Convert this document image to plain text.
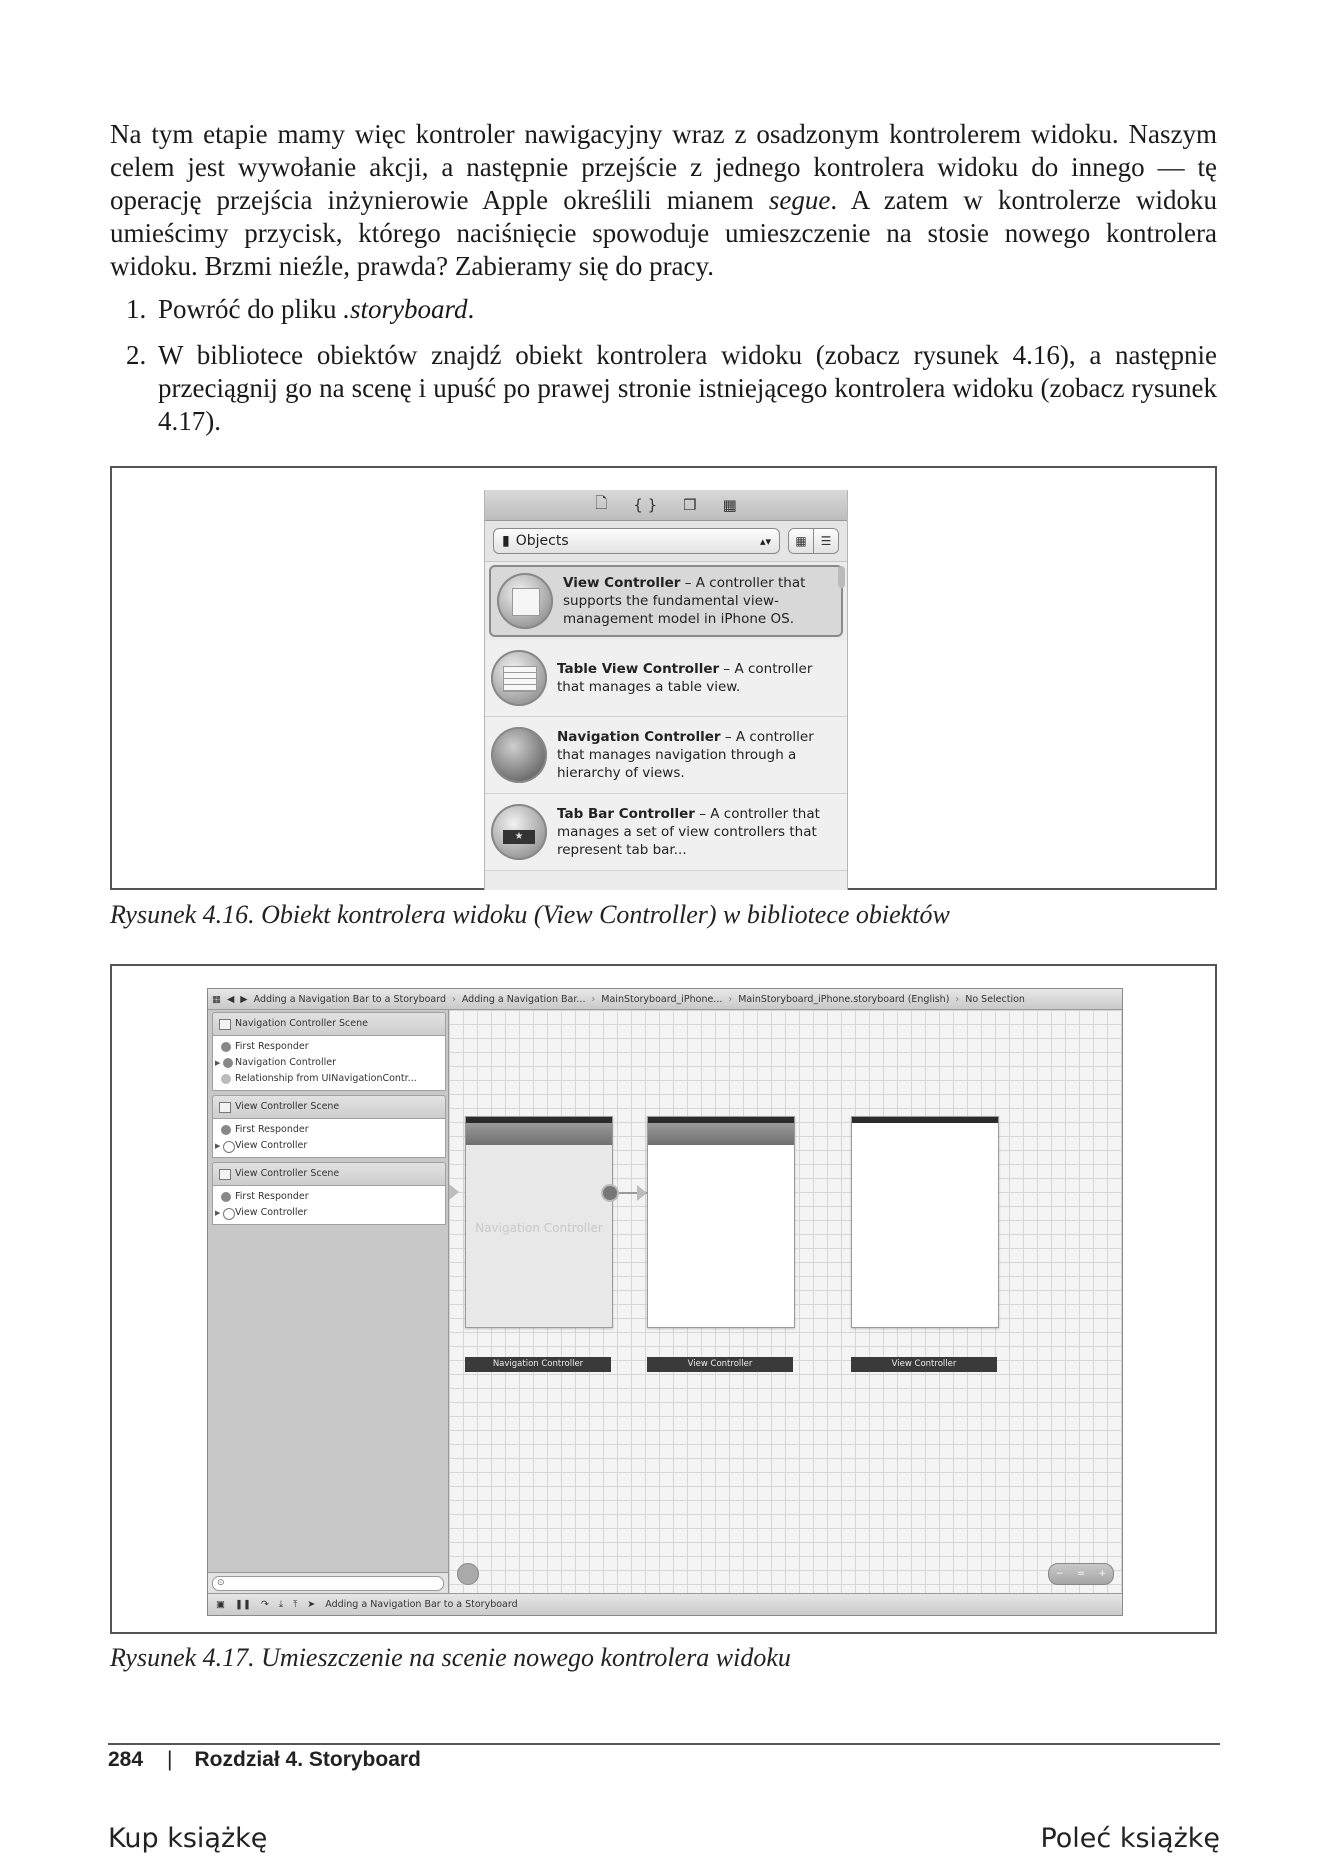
Na tym etapie mamy więc kontroler nawigacyjny wraz z osadzonym kontrolerem widoku. Naszym celem jest wywołanie akcji, a następnie przejście z jednego kontrolera widoku do innego — tę operację przejścia inżynierowie Apple określili mianem segue. A zatem w kontrolerze widoku umieścimy przycisk, którego naciśnięcie spowoduje umieszczenie na stosie nowego kontrolera widoku. Brzmi nieźle, prawda? Zabieramy się do pracy.

1. Powróć do pliku .storyboard.
2. W bibliotece obiektów znajdź obiekt kontrolera widoku (zobacz rysunek 4.16), a następnie przeciągnij go na scenę i upuść po prawej stronie istniejącego kontrolera widoku (zobacz rysunek 4.17).
🗋 { } ❒ ▦
▮ Objects	▴▾	▦	☰
View Controller – A controller that supports the fundamental view-management model in iPhone OS.
Table View Controller – A controller that manages a table view.
Navigation Controller – A controller that manages navigation through a hierarchy of views.
★
Tab Bar Controller – A controller that manages a set of view controllers that represent tab bar...
Rysunek 4.16. Obiekt kontrolera widoku (View Controller) w bibliotece obiektów
▦ ◀ ▶ Adding a Navigation Bar to a Storyboard › Adding a Navigation Bar... › MainStoryboard_iPhone... › MainStoryboard_iPhone.storyboard (English) › No Selection
Navigation Controller Scene
First Responder
▶ Navigation Controller
Relationship from UINavigationContr...
View Controller Scene
First Responder
▶ View Controller
View Controller Scene
First Responder
▶ View Controller
⊙
Navigation Controller
Navigation Controller	View Controller	View Controller
− = +
▣ ❚❚ ↷ ⤓ ⤒ ➤ Adding a Navigation Bar to a Storyboard
Rysunek 4.17. Umieszczenie na scenie nowego kontrolera widoku
284 | Rozdział 4. Storyboard
Kup książkę	Poleć książkę
